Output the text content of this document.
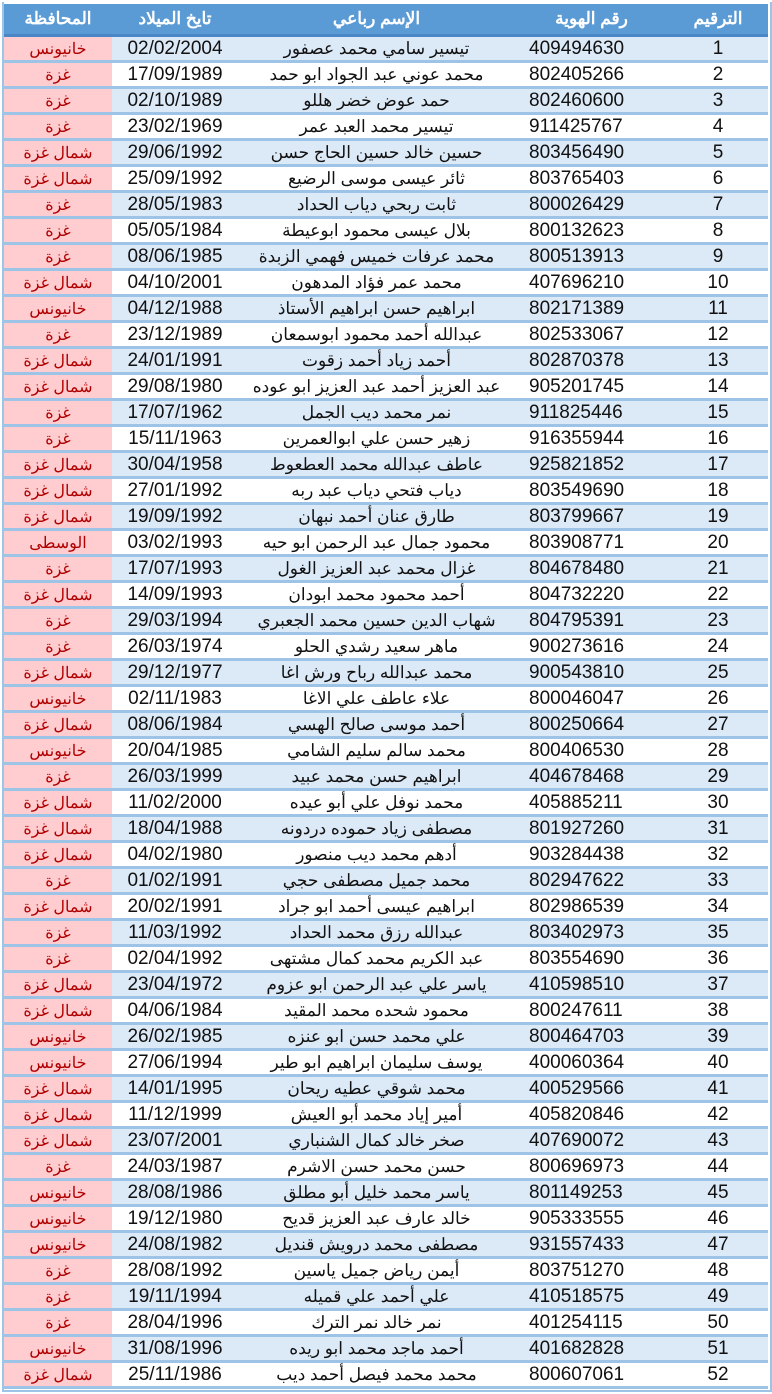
الترقيم	رقم الهوية	الإسم رباعي	تايخ الميلاد	المحافظة
1	409494630	تيسير سامي محمد عصفور	02/02/2004	خانيونس
2	802405266	محمد عوني عبد الجواد ابو حمد	17/09/1989	غزة
3	802460600	حمد عوض خضر هللو	02/10/1989	غزة
4	911425767	تيسير محمد العبد عمر	23/02/1969	غزة
5	803456490	حسين خالد حسين الحاج حسن	29/06/1992	شمال غزة
6	803765403	ثائر عيسى موسى الرضيع	25/09/1992	شمال غزة
7	800026429	ثابت ربحي دياب الحداد	28/05/1983	غزة
8	800132623	بلال عيسى محمود ابوعيطة	05/05/1984	غزة
9	800513913	محمد عرفات خميس فهمي الزبدة	08/06/1985	غزة
10	407696210	محمد عمر فؤاد المدهون	04/10/2001	شمال غزة
11	802171389	ابراهيم حسن ابراهيم الأستاذ	04/12/1988	خانيونس
12	802533067	عبدالله أحمد محمود ابوسمعان	23/12/1989	غزة
13	802870378	أحمد زياد أحمد زقوت	24/01/1991	شمال غزة
14	905201745	عبد العزيز أحمد عبد العزيز ابو عوده	29/08/1980	شمال غزة
15	911825446	نمر محمد ديب الجمل	17/07/1962	غزة
16	916355944	زهير حسن علي ابوالعمرين	15/11/1963	غزة
17	925821852	عاطف عبدالله محمد العطعوط	30/04/1958	شمال غزة
18	803549690	دياب فتحي دياب عبد ربه	27/01/1992	شمال غزة
19	803799667	طارق عنان أحمد نبهان	19/09/1992	شمال غزة
20	803908771	محمود جمال عبد الرحمن ابو حيه	03/02/1993	الوسطى
21	804678480	غزال محمد عبد العزيز الغول	17/07/1993	غزة
22	804732220	أحمد محمود محمد ابودان	14/09/1993	شمال غزة
23	804795391	شهاب الدين حسين محمد الجعبري	29/03/1994	غزة
24	900273616	ماهر سعيد رشدي الحلو	26/03/1974	غزة
25	900543810	محمد عبدالله رباح ورش اغا	29/12/1977	شمال غزة
26	800046047	علاء عاطف علي الاغا	02/11/1983	خانيونس
27	800250664	أحمد موسى صالح الهسي	08/06/1984	شمال غزة
28	800406530	محمد سالم سليم الشامي	20/04/1985	خانيونس
29	404678468	ابراهيم حسن محمد عبيد	26/03/1999	غزة
30	405885211	محمد نوفل علي أبو عيده	11/02/2000	شمال غزة
31	801927260	مصطفى زياد حموده دردونه	18/04/1988	شمال غزة
32	903284438	أدهم محمد ديب منصور	04/02/1980	شمال غزة
33	802947622	محمد جميل مصطفى حجي	01/02/1991	غزة
34	802986539	ابراهيم عيسى أحمد ابو جراد	20/02/1991	شمال غزة
35	803402973	عبدالله رزق محمد الحداد	11/03/1992	غزة
36	803554690	عبد الكريم محمد كمال مشتهى	02/04/1992	غزة
37	410598510	ياسر علي عبد الرحمن ابو عزوم	23/04/1972	شمال غزة
38	800247611	محمود شحده محمد المقيد	04/06/1984	شمال غزة
39	800464703	علي محمد حسن ابو عنزه	26/02/1985	خانيونس
40	400060364	يوسف سليمان ابراهيم ابو طير	27/06/1994	خانيونس
41	400529566	محمد شوقي عطيه ريحان	14/01/1995	شمال غزة
42	405820846	أمير إياد محمد أبو العيش	11/12/1999	شمال غزة
43	407690072	صخر خالد كمال الشنباري	23/07/2001	شمال غزة
44	800696973	حسن محمد حسن الاشرم	24/03/1987	غزة
45	801149253	ياسر محمد خليل أبو مطلق	28/08/1986	خانيونس
46	905333555	خالد عارف عبد العزيز قديح	19/12/1980	خانيونس
47	931557433	مصطفى محمد درويش قنديل	24/08/1982	خانيونس
48	803751270	أيمن رياض جميل ياسين	28/08/1992	غزة
49	410518575	علي أحمد علي قميله	19/11/1994	غزة
50	401254115	نمر خالد نمر الترك	28/04/1996	غزة
51	401682828	أحمد ماجد محمد ابو ريده	31/08/1996	خانيونس
52	800607061	محمد محمد فيصل أحمد ديب	25/11/1986	شمال غزة
